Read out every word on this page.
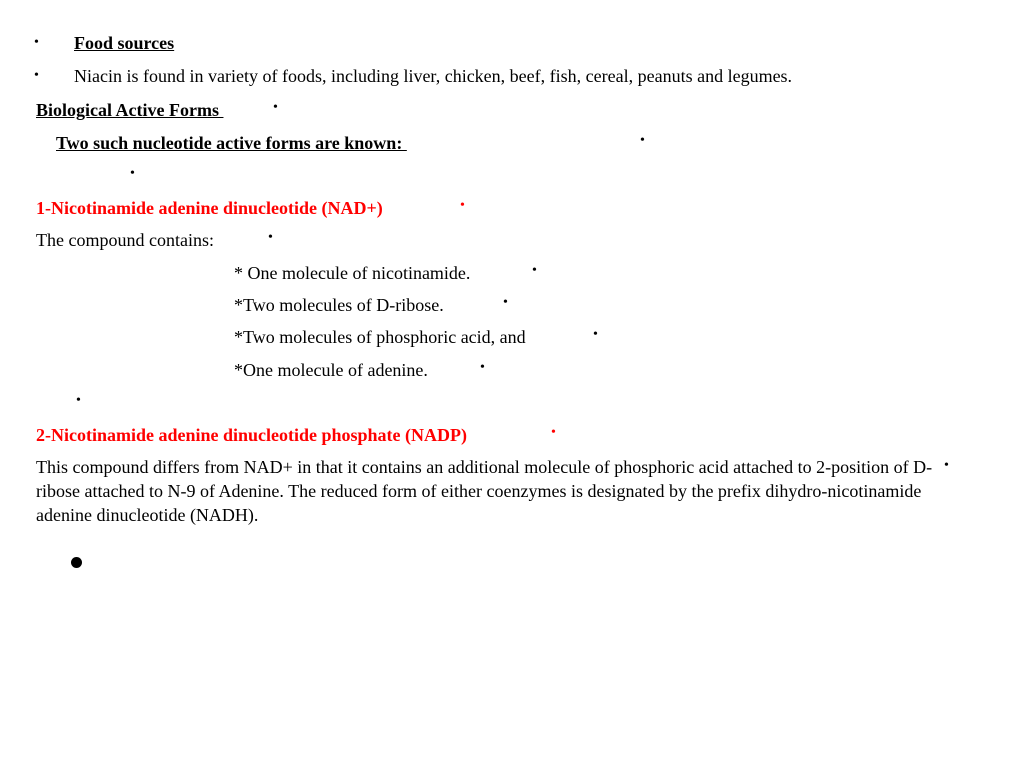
• Food sources
• Niacin is found in variety of foods, including liver, chicken, beef, fish, cereal, peanuts and legumes.
Biological Active Forms	•
Two such nucleotide active forms are known:	•
•
1-Nicotinamide adenine dinucleotide (NAD+)	•
The compound contains:	•
* One molecule of nicotinamide.	•
*Two molecules of D-ribose.	•
*Two molecules of phosphoric acid, and	•
*One molecule of adenine.	•
•
2-Nicotinamide adenine dinucleotide phosphate (NADP)	•
This compound differs from NAD+ in that it contains an additional molecule of phosphoric acid attached to 2-position of D-ribose attached to N-9 of Adenine. The reduced form of either coenzymes is designated by the prefix dihydro-nicotinamide adenine dinucleotide (NADH).
•
